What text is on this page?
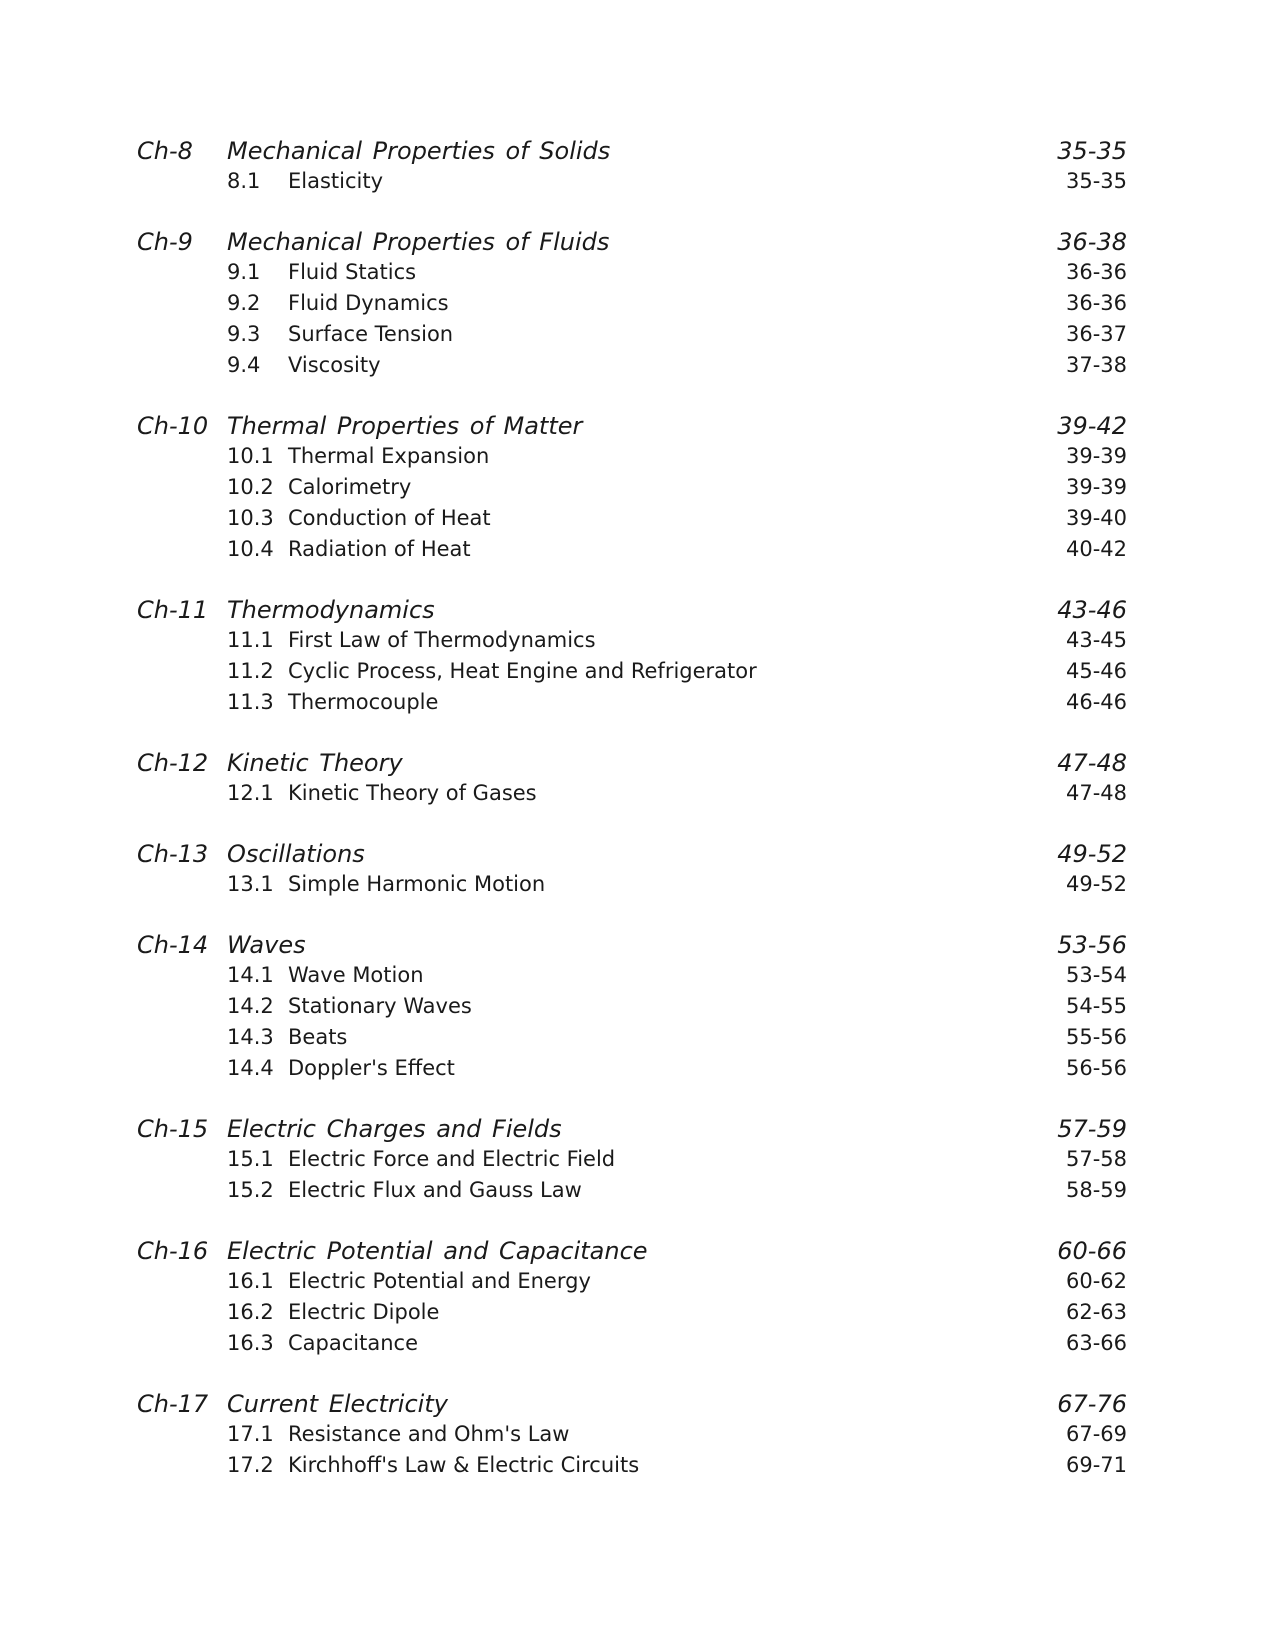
Ch-8	Mechanical Properties of Solids	35-35
8.1	Elasticity	35-35
Ch-9	Mechanical Properties of Fluids	36-38
9.1	Fluid Statics	36-36
9.2	Fluid Dynamics	36-36
9.3	Surface Tension	36-37
9.4	Viscosity	37-38
Ch-10 Thermal Properties of Matter	39-42
10.1 Thermal Expansion	39-39
10.2 Calorimetry	39-39
10.3 Conduction of Heat	39-40
10.4 Radiation of Heat	40-42
Ch-11 Thermodynamics	43-46
11.1 First Law of Thermodynamics	43-45
11.2 Cyclic Process, Heat Engine and Refrigerator	45-46
11.3 Thermocouple	46-46
Ch-12 Kinetic Theory	47-48
12.1 Kinetic Theory of Gases	47-48
Ch-13 Oscillations	49-52
13.1 Simple Harmonic Motion	49-52
Ch-14 Waves	53-56
14.1 Wave Motion	53-54
14.2 Stationary Waves	54-55
14.3 Beats	55-56
14.4 Doppler's Effect	56-56
Ch-15 Electric Charges and Fields	57-59
15.1 Electric Force and Electric Field	57-58
15.2 Electric Flux and Gauss Law	58-59
Ch-16 Electric Potential and Capacitance	60-66
16.1 Electric Potential and Energy	60-62
16.2 Electric Dipole	62-63
16.3 Capacitance	63-66
Ch-17 Current Electricity	67-76
17.1 Resistance and Ohm's Law	67-69
17.2 Kirchhoff's Law & Electric Circuits	69-71
